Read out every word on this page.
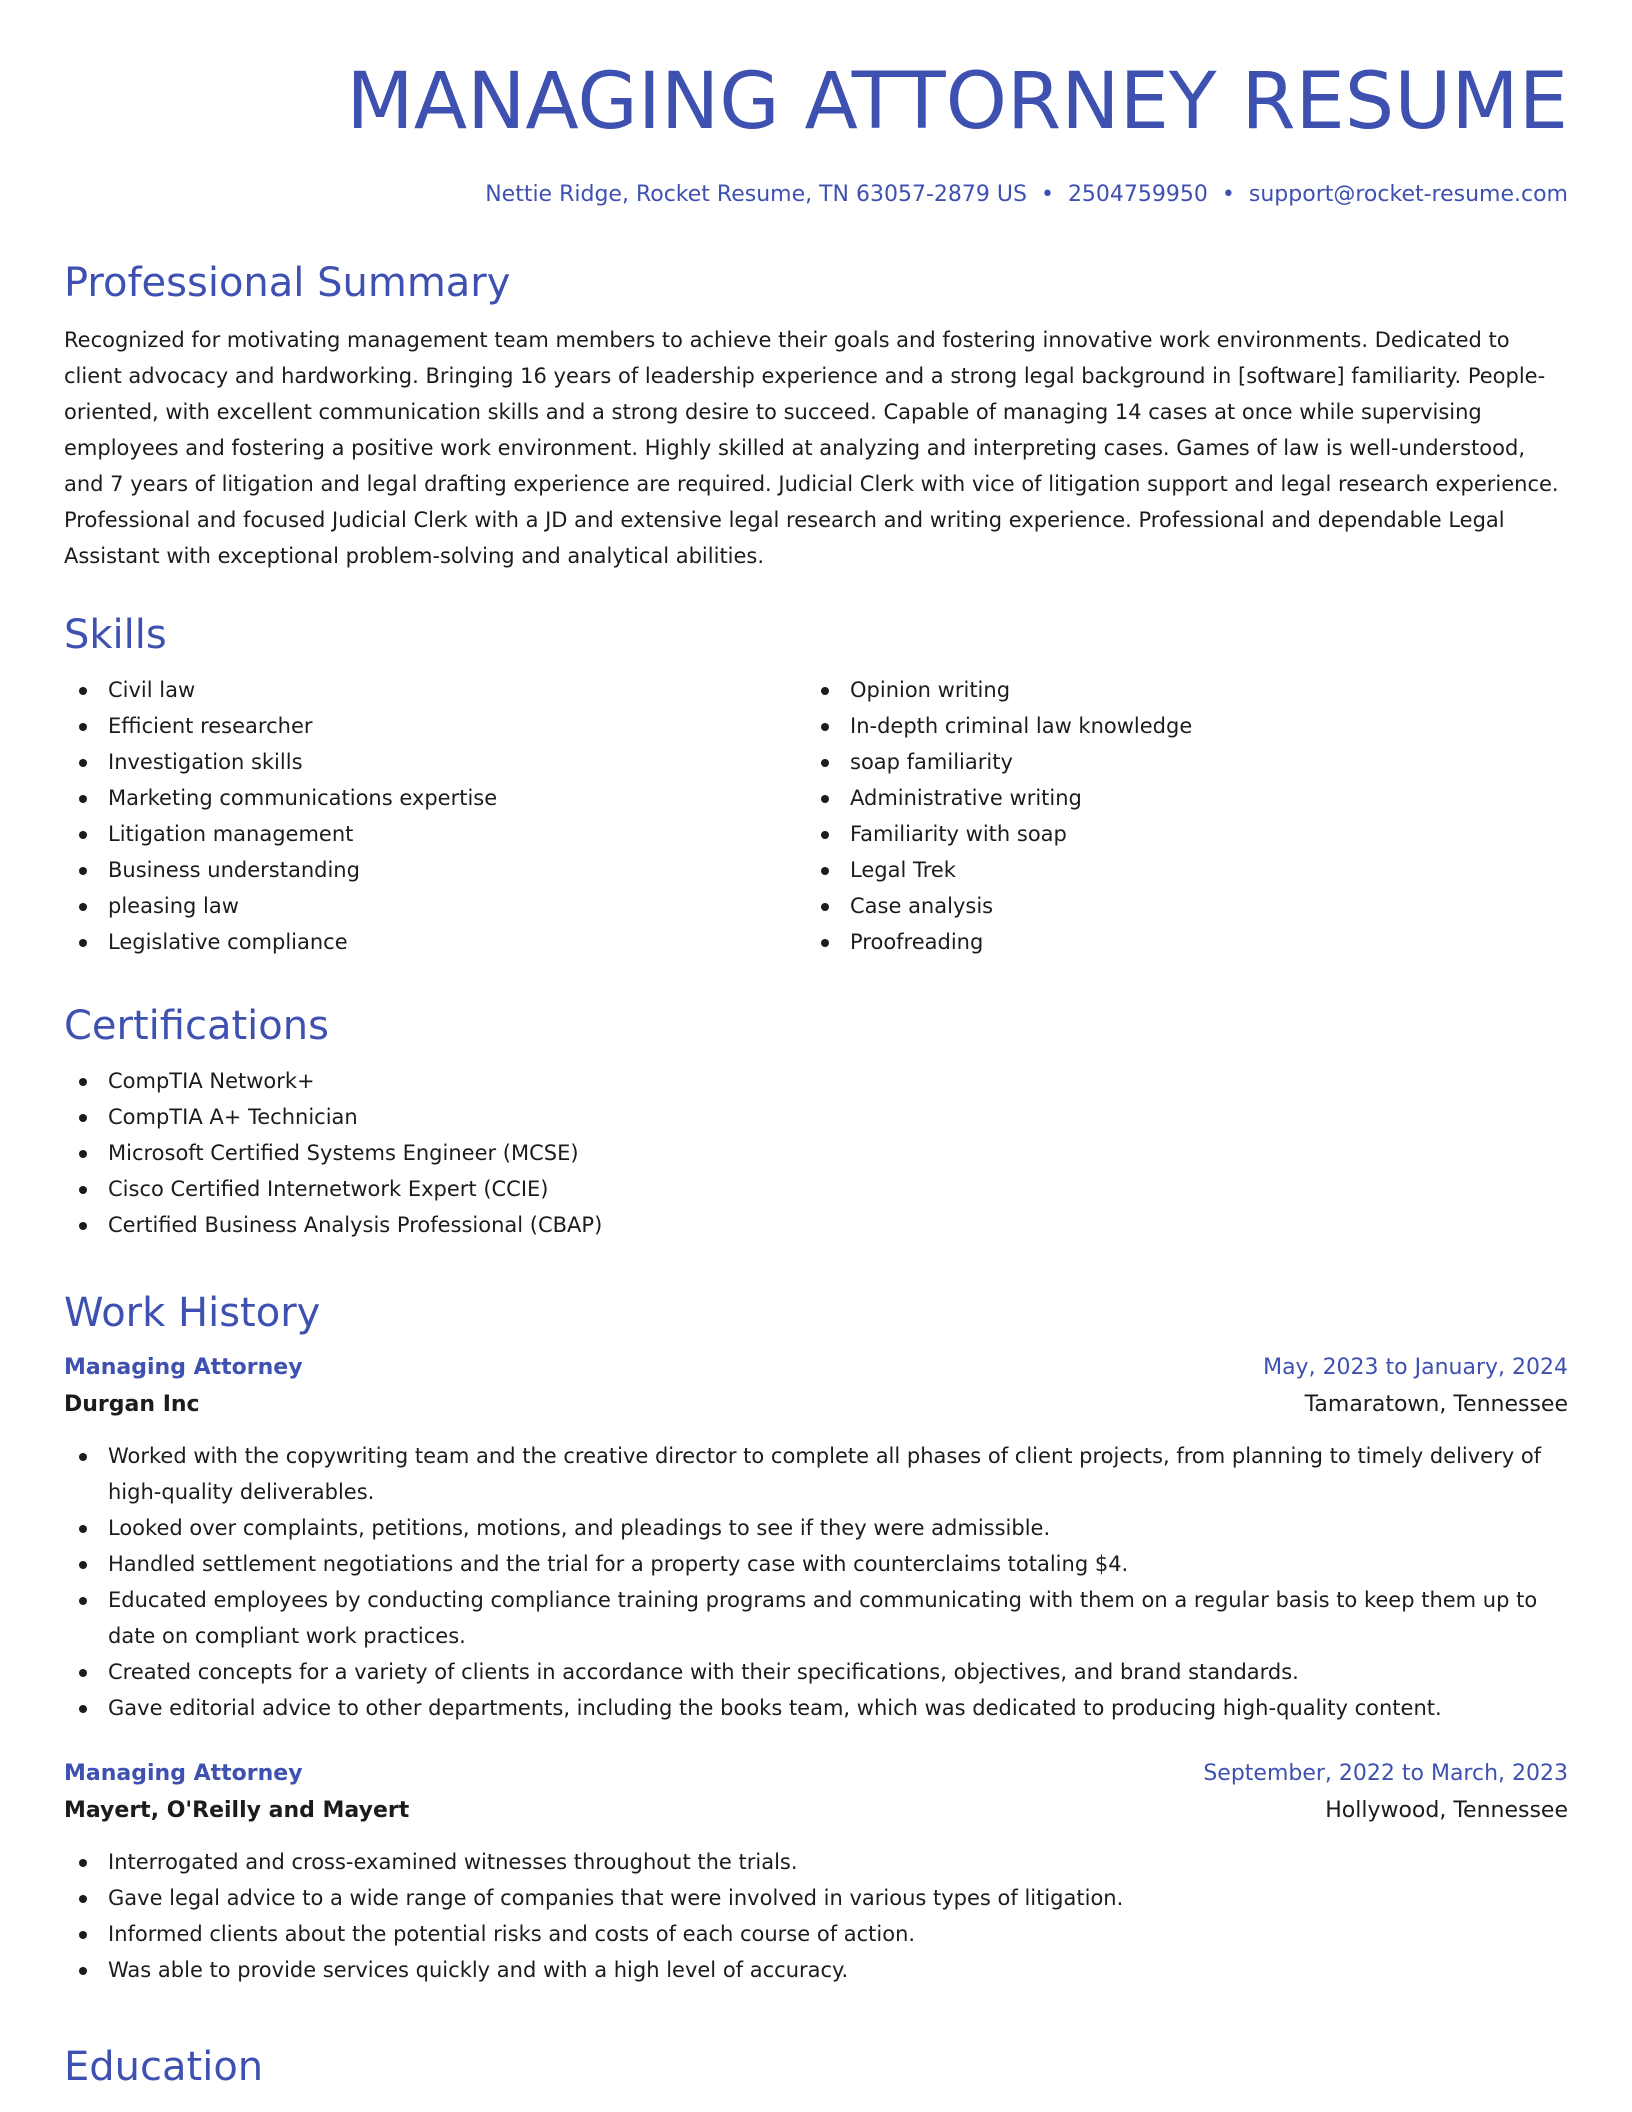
MANAGING ATTORNEY RESUME
Nettie Ridge, Rocket Resume, TN 63057-2879 US • 2504759950 • support@rocket-resume.com
Professional Summary

Recognized for motivating management team members to achieve their goals and fostering innovative work environments. Dedicated to client advocacy and hardworking. Bringing 16 years of leadership experience and a strong legal background in [software] familiarity. People-oriented, with excellent communication skills and a strong desire to succeed. Capable of managing 14 cases at once while supervising employees and fostering a positive work environment. Highly skilled at analyzing and interpreting cases. Games of law is well-understood, and 7 years of litigation and legal drafting experience are required. Judicial Clerk with vice of litigation support and legal research experience. Professional and focused Judicial Clerk with a JD and extensive legal research and writing experience. Professional and dependable Legal Assistant with exceptional problem-solving and analytical abilities.

Skills
Civil law
Efficient researcher
Investigation skills
Marketing communications expertise
Litigation management
Business understanding
pleasing law
Legislative compliance
Opinion writing
In-depth criminal law knowledge
soap familiarity
Administrative writing
Familiarity with soap
Legal Trek
Case analysis
Proofreading
Certifications
CompTIA Network+
CompTIA A+ Technician
Microsoft Certified Systems Engineer (MCSE)
Cisco Certified Internetwork Expert (CCIE)
Certified Business Analysis Professional (CBAP)
Work History
Managing Attorney	May, 2023 to January, 2024
Durgan Inc	Tamaratown, Tennessee
Worked with the copywriting team and the creative director to complete all phases of client projects, from planning to timely delivery of high-quality deliverables.
Looked over complaints, petitions, motions, and pleadings to see if they were admissible.
Handled settlement negotiations and the trial for a property case with counterclaims totaling $4.
Educated employees by conducting compliance training programs and communicating with them on a regular basis to keep them up to date on compliant work practices.
Created concepts for a variety of clients in accordance with their specifications, objectives, and brand standards.
Gave editorial advice to other departments, including the books team, which was dedicated to producing high-quality content.
Managing Attorney	September, 2022 to March, 2023
Mayert, O'Reilly and Mayert	Hollywood, Tennessee
Interrogated and cross-examined witnesses throughout the trials.
Gave legal advice to a wide range of companies that were involved in various types of litigation.
Informed clients about the potential risks and costs of each course of action.
Was able to provide services quickly and with a high level of accuracy.
Education
